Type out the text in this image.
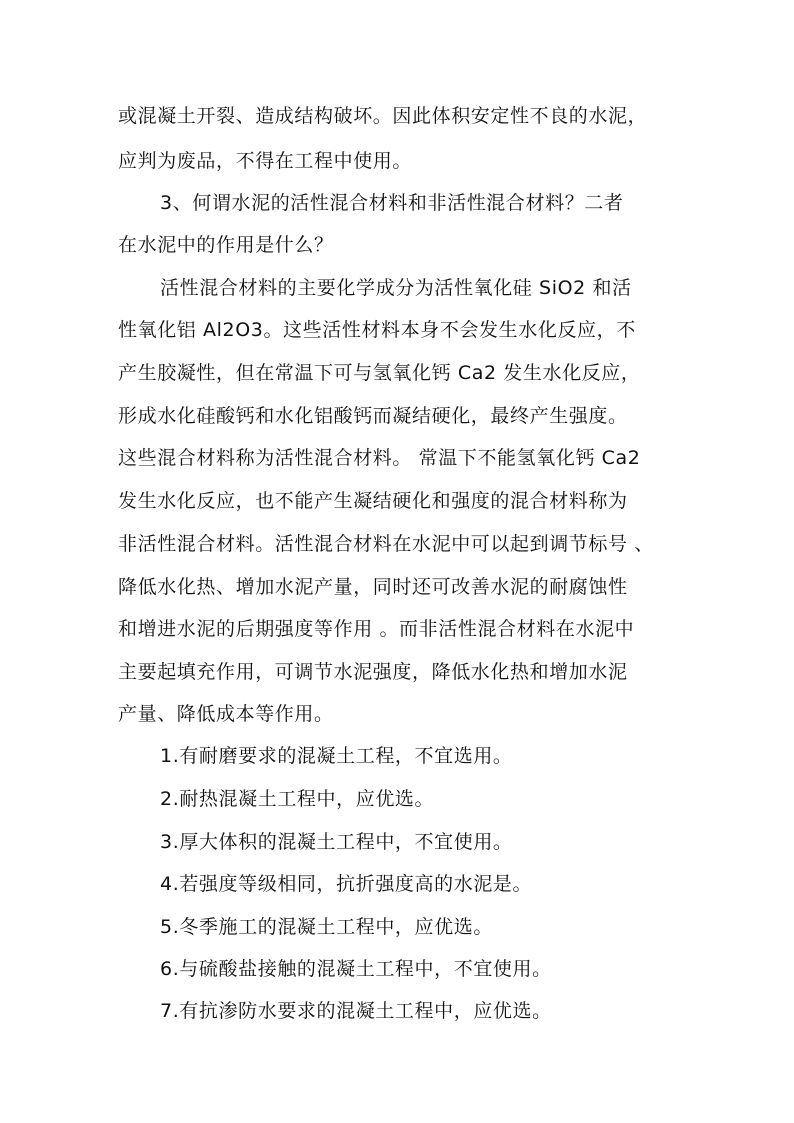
或混凝土开裂、造成结构破坏。因此体积安定性不良的水泥，
应判为废品，不得在工程中使用。
3、何谓水泥的活性混合材料和非活性混合材料？二者
在水泥中的作用是什么？
活性混合材料的主要化学成分为活性氧化硅 SiO2 和活
性氧化铝 Al2O3。这些活性材料本身不会发生水化反应，不
产生胶凝性，但在常温下可与氢氧化钙 Ca2 发生水化反应，
形成水化硅酸钙和水化铝酸钙而凝结硬化，最终产生强度。
这些混合材料称为活性混合材料。 常温下不能氢氧化钙 Ca2
发生水化反应，也不能产生凝结硬化和强度的混合材料称为
非活性混合材料。活性混合材料在水泥中可以起到调节标号 、
降低水化热、增加水泥产量，同时还可改善水泥的耐腐蚀性
和增进水泥的后期强度等作用 。而非活性混合材料在水泥中
主要起填充作用，可调节水泥强度，降低水化热和增加水泥
产量、降低成本等作用。
1.有耐磨要求的混凝土工程，不宜选用。
2.耐热混凝土工程中，应优选。
3.厚大体积的混凝土工程中，不宜使用。
4.若强度等级相同，抗折强度高的水泥是。
5.冬季施工的混凝土工程中，应优选。
6.与硫酸盐接触的混凝土工程中，不宜使用。
7.有抗渗防水要求的混凝土工程中，应优选。
